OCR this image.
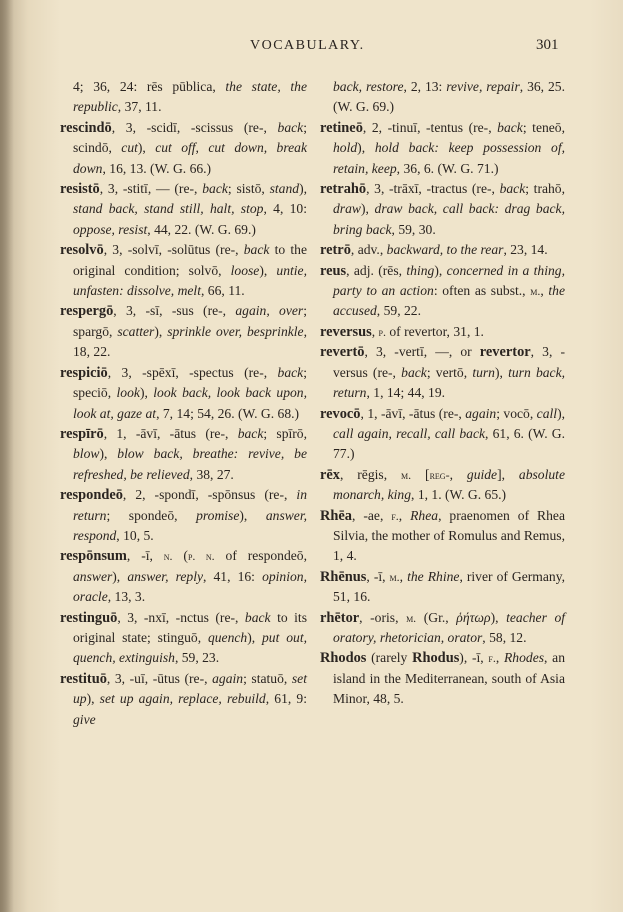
VOCABULARY.	301

4; 36, 24: rēs pūblica, the state, the republic, 37, 11.

rescindō, 3, -scidī, -scissus (re-, back; scindō, cut), cut off, cut down, break down, 16, 13. (W. G. 66.)

resistō, 3, -stitī, — (re-, back; sistō, stand), stand back, stand still, halt, stop, 4, 10: oppose, resist, 44, 22. (W. G. 69.)

resolvō, 3, -solvī, -solūtus (re-, back to the original condition; solvō, loose), untie, unfasten: dissolve, melt, 66, 11.

respergō, 3, -sī, -sus (re-, again, over; spargō, scatter), sprinkle over, besprinkle, 18, 22.

respiciō, 3, -spēxī, -spectus (re-, back; speciō, look), look back, look back upon, look at, gaze at, 7, 14; 54, 26. (W. G. 68.)

respīrō, 1, -āvī, -ātus (re-, back; spīrō, blow), blow back, breathe: revive, be refreshed, be relieved, 38, 27.

respondeō, 2, -spondī, -spōnsus (re-, in return; spondeō, promise), answer, respond, 10, 5.

respōnsum, -ī, n. (p. n. of respondeō, answer), answer, reply, 41, 16: opinion, oracle, 13, 3.

restinguō, 3, -nxī, -nctus (re-, back to its original state; stinguō, quench), put out, quench, extinguish, 59, 23.

restituō, 3, -uī, -ūtus (re-, again; statuō, set up), set up again, replace, rebuild, 61, 9: give

back, restore, 2, 13: revive, repair, 36, 25. (W. G. 69.)

retineō, 2, -tinuī, -tentus (re-, back; teneō, hold), hold back: keep possession of, retain, keep, 36, 6. (W. G. 71.)

retrahō, 3, -trāxī, -tractus (re-, back; trahō, draw), draw back, call back: drag back, bring back, 59, 30.

retrō, adv., backward, to the rear, 23, 14.

reus, adj. (rēs, thing), concerned in a thing, party to an action: often as subst., m., the accused, 59, 22.

reversus, p. of revertor, 31, 1.

revertō, 3, -vertī, —, or revertor, 3, -versus (re-, back; vertō, turn), turn back, return, 1, 14; 44, 19.

revocō, 1, -āvī, -ātus (re-, again; vocō, call), call again, recall, call back, 61, 6. (W. G. 77.)

rēx, rēgis, m. [reg-, guide], absolute monarch, king, 1, 1. (W. G. 65.)

Rhēa, -ae, f., Rhea, praenomen of Rhea Silvia, the mother of Romulus and Remus, 1, 4.

Rhēnus, -ī, m., the Rhine, river of Germany, 51, 16.

rhētor, -oris, m. (Gr., ῥήτωρ), teacher of oratory, rhetorician, orator, 58, 12.

Rhodos (rarely Rhodus), -ī, f., Rhodes, an island in the Mediterranean, south of Asia Minor, 48, 5.
